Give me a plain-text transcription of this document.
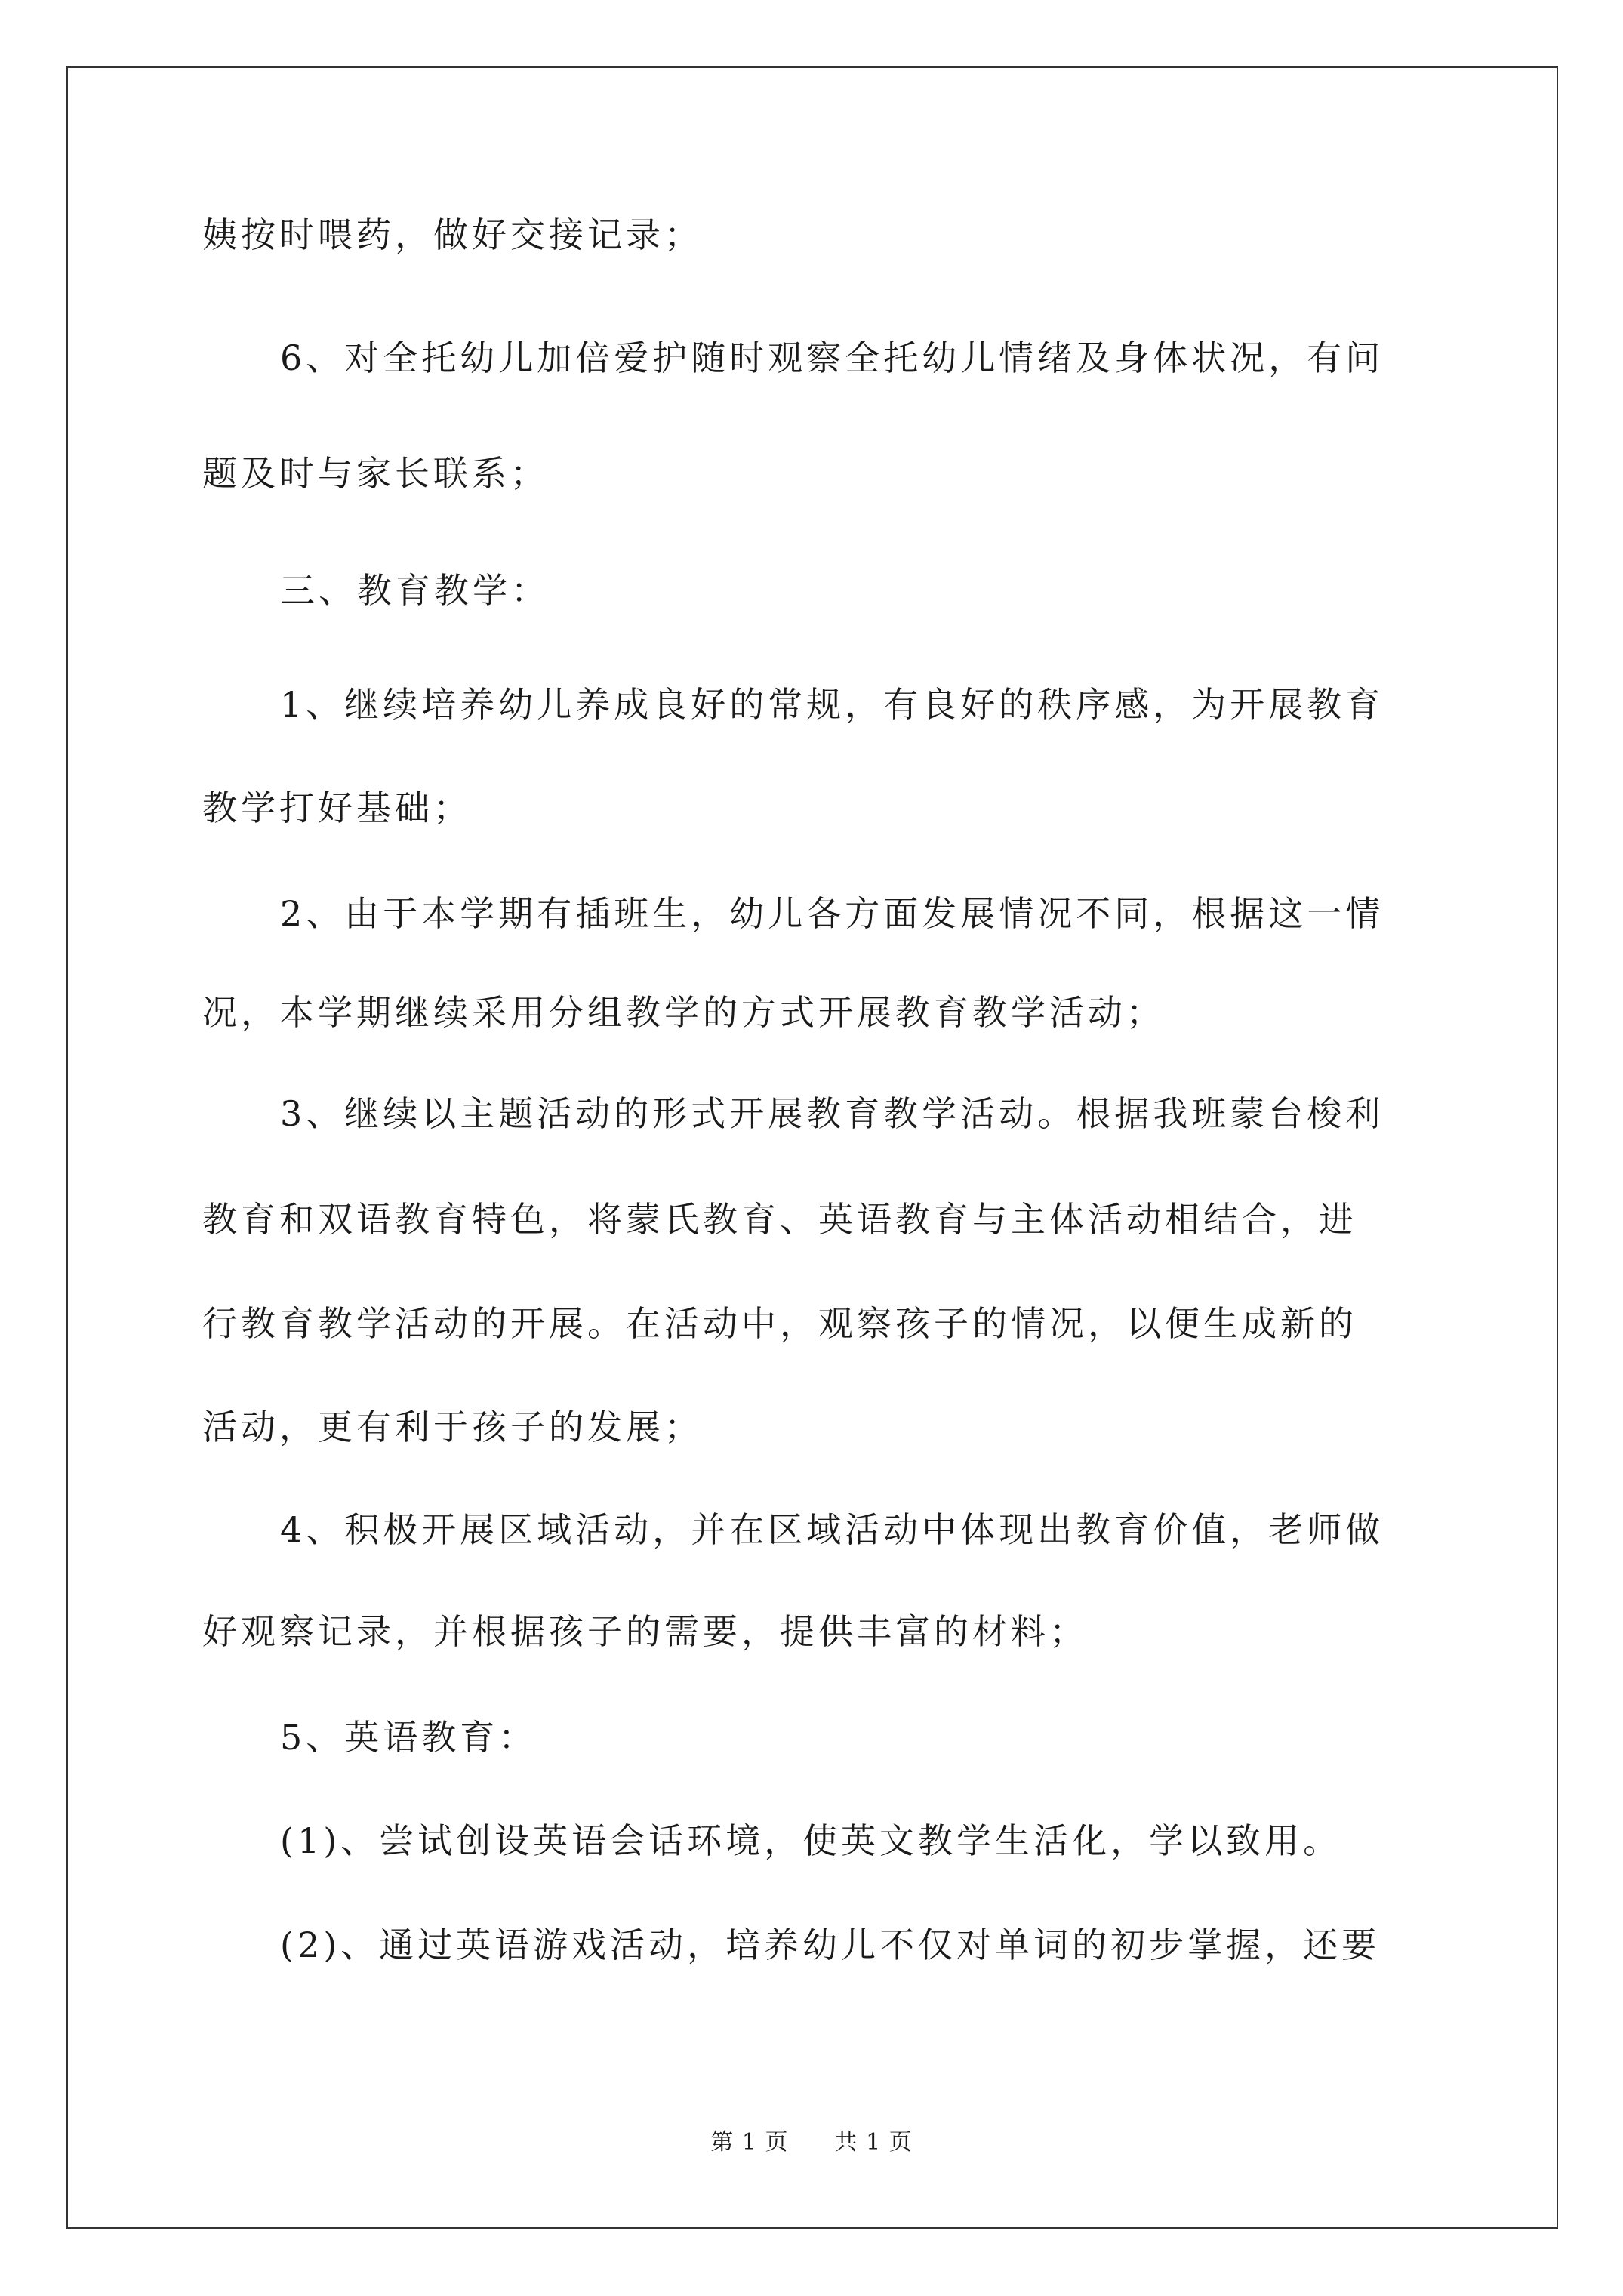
姨按时喂药，做好交接记录；
6、对全托幼儿加倍爱护随时观察全托幼儿情绪及身体状况，有问
题及时与家长联系；
三、教育教学：
1、继续培养幼儿养成良好的常规，有良好的秩序感，为开展教育
教学打好基础；
2、由于本学期有插班生，幼儿各方面发展情况不同，根据这一情
况，本学期继续采用分组教学的方式开展教育教学活动；
3、继续以主题活动的形式开展教育教学活动。根据我班蒙台梭利
教育和双语教育特色，将蒙氏教育、英语教育与主体活动相结合，进
行教育教学活动的开展。在活动中，观察孩子的情况，以便生成新的
活动，更有利于孩子的发展；
4、积极开展区域活动，并在区域活动中体现出教育价值，老师做
好观察记录，并根据孩子的需要，提供丰富的材料；
5、英语教育：
(1)、尝试创设英语会话环境，使英文教学生活化，学以致用。
(2)、通过英语游戏活动，培养幼儿不仅对单词的初步掌握，还要
第 1 页 共 1 页
